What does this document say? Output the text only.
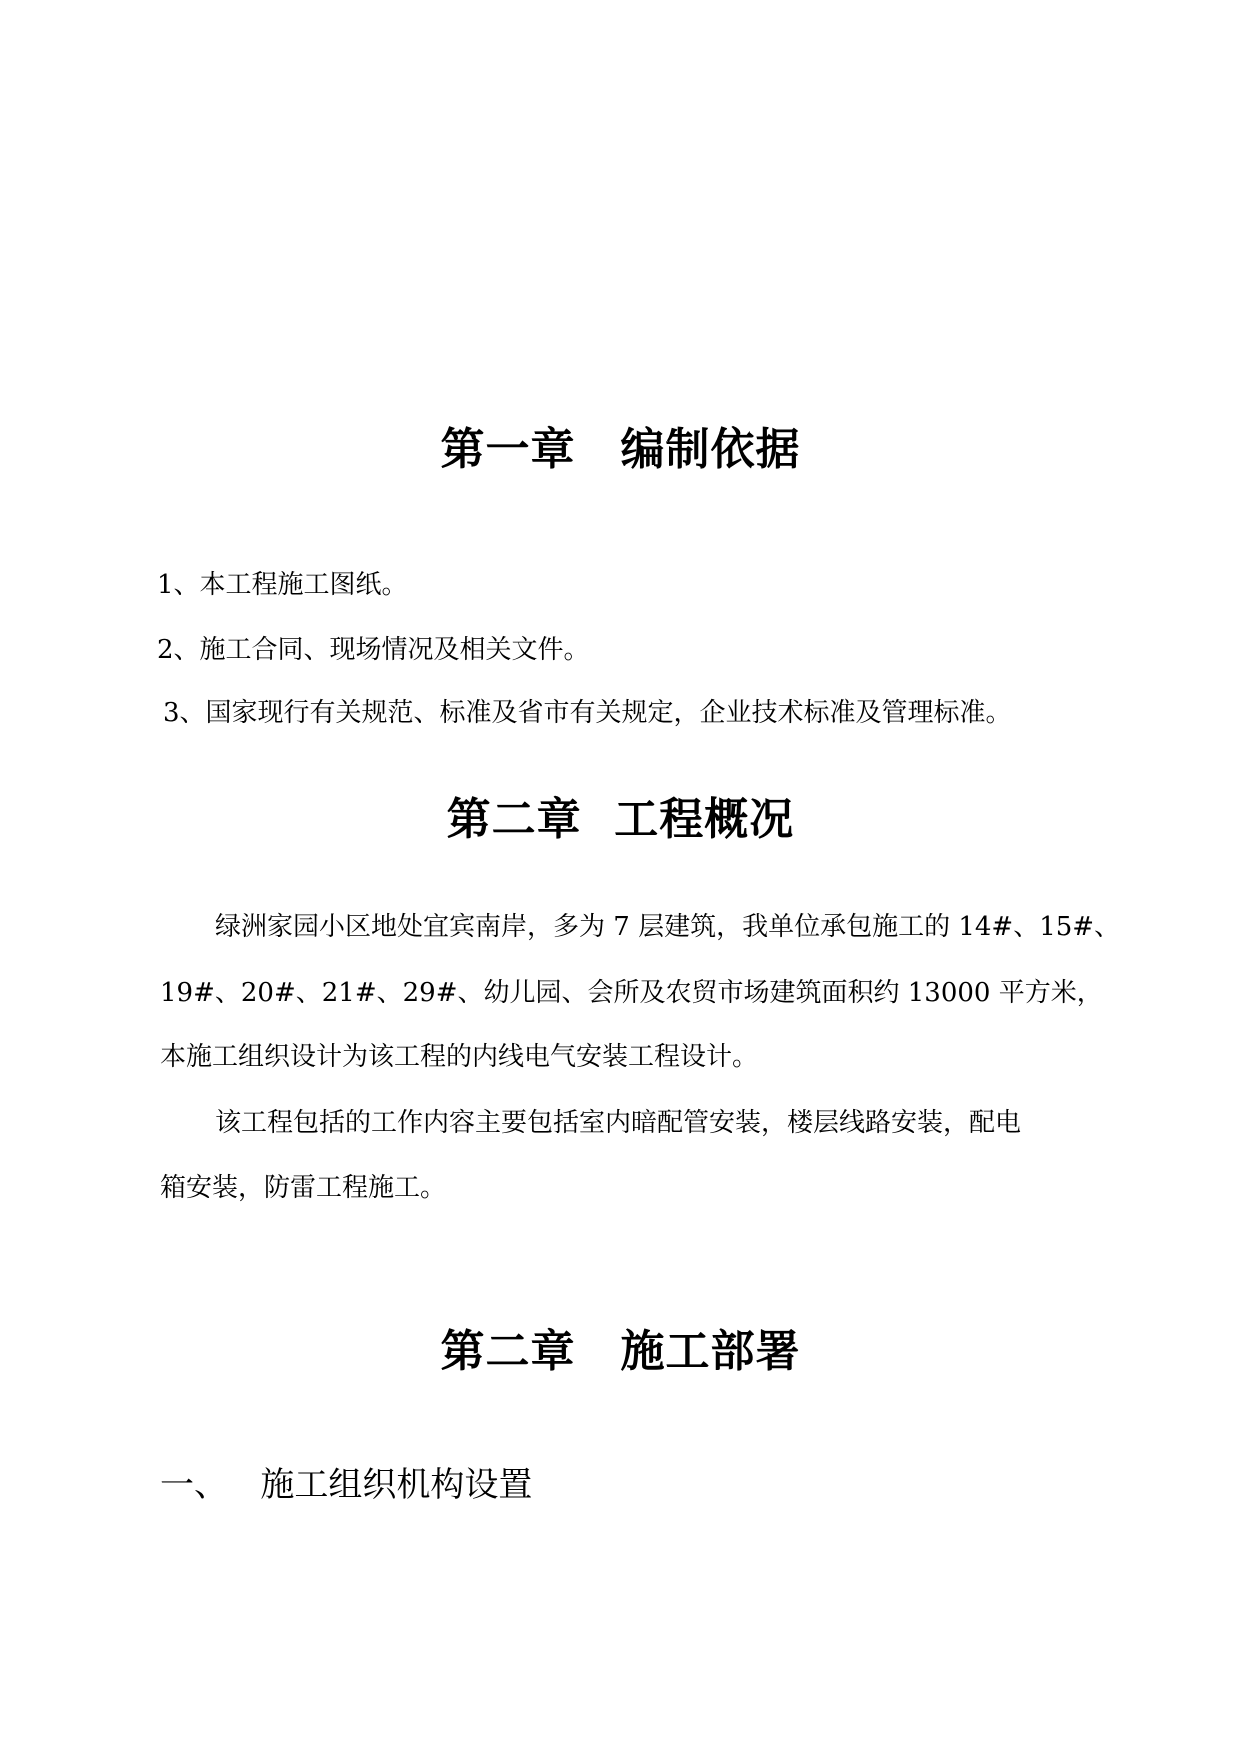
第一章　编制依据
1、本工程施工图纸。
2、施工合同、现场情况及相关文件。
3、国家现行有关规范、标准及省市有关规定，企业技术标准及管理标准。
第二章  工程概况
绿洲家园小区地处宜宾南岸，多为 7 层建筑，我单位承包施工的 14#、15#、
19#、20#、21#、29#、幼儿园、会所及农贸市场建筑面积约 13000 平方米，
本施工组织设计为该工程的内线电气安装工程设计。
该工程包括的工作内容主要包括室内暗配管安装，楼层线路安装，配电
箱安装，防雷工程施工。
第二章　施工部署
一、   施工组织机构设置
